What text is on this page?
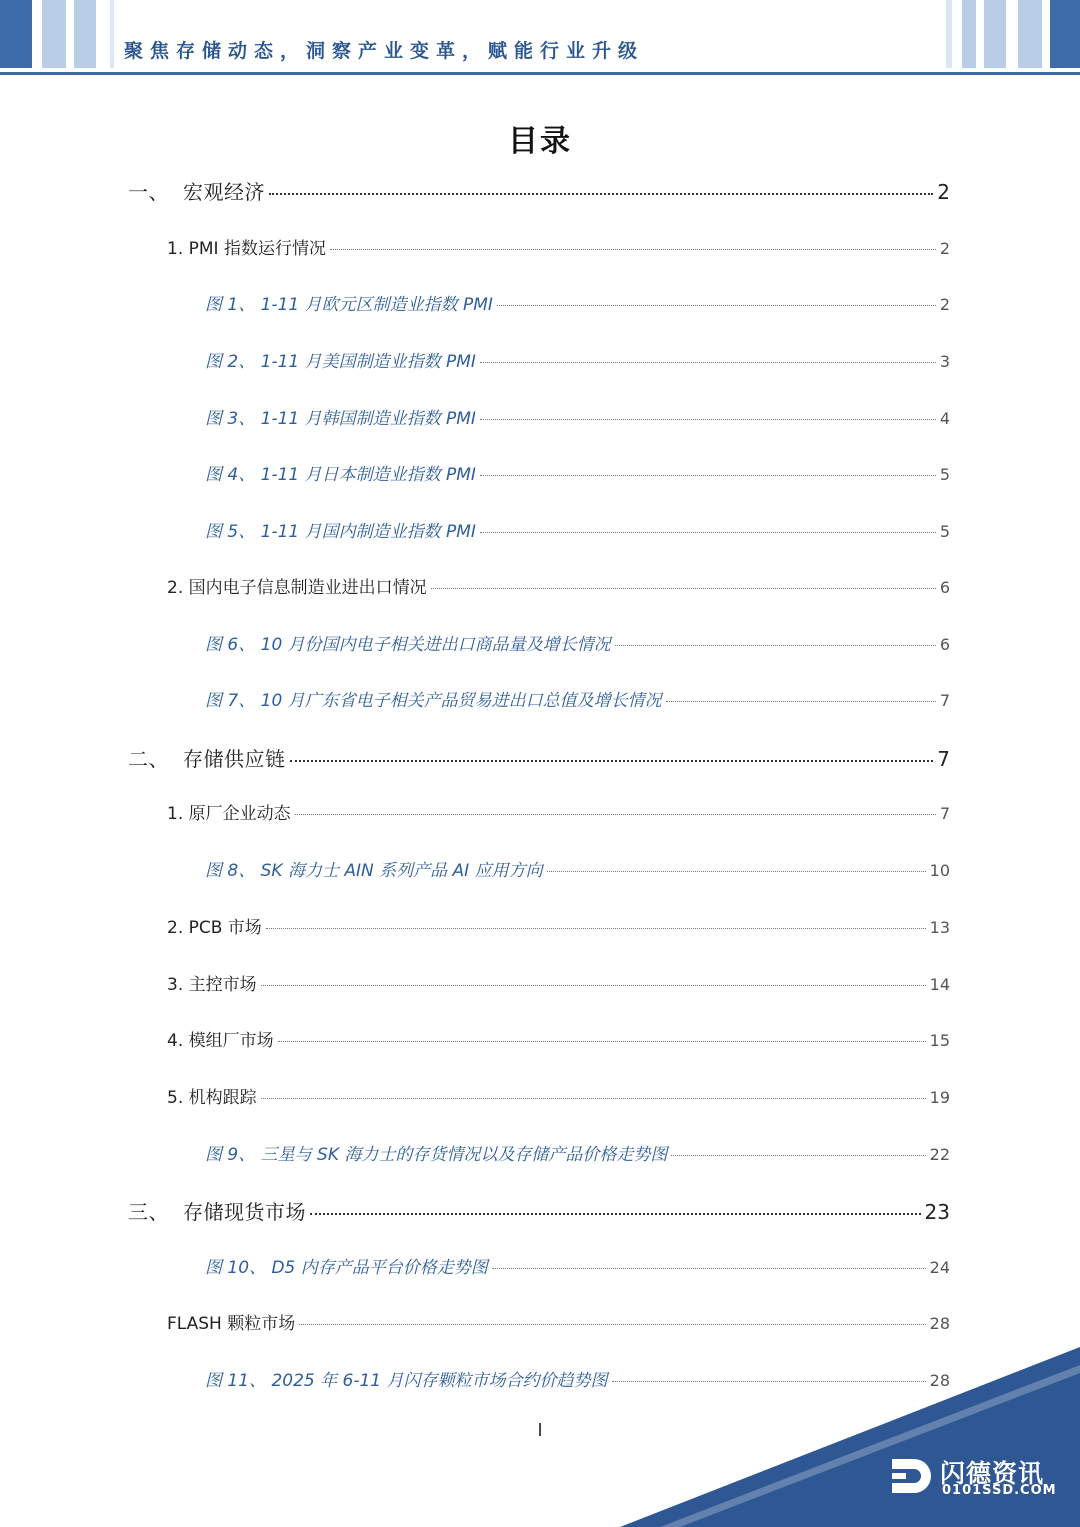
聚焦存储动态，洞察产业变革，赋能行业升级
目录
一、 宏观经济	2
1. PMI 指数运行情况	2
图 1、 1-11 月欧元区制造业指数 PMI	2
图 2、 1-11 月美国制造业指数 PMI	3
图 3、 1-11 月韩国制造业指数 PMI	4
图 4、 1-11 月日本制造业指数 PMI	5
图 5、 1-11 月国内制造业指数 PMI	5
2. 国内电子信息制造业进出口情况	6
图 6、 10 月份国内电子相关进出口商品量及增长情况	6
图 7、 10 月广东省电子相关产品贸易进出口总值及增长情况	7
二、 存储供应链	7
1. 原厂企业动态	7
图 8、 SK 海力士 AIN 系列产品 AI 应用方向	10
2. PCB 市场	13
3. 主控市场	14
4. 模组厂市场	15
5. 机构跟踪	19
图 9、 三星与 SK 海力士的存货情况以及存储产品价格走势图	22
三、 存储现货市场	23
图 10、 D5 内存产品平台价格走势图	24
FLASH 颗粒市场	28
图 11、 2025 年 6-11 月闪存颗粒市场合约价趋势图	28
I
闪德资讯
0101SSD.COM
